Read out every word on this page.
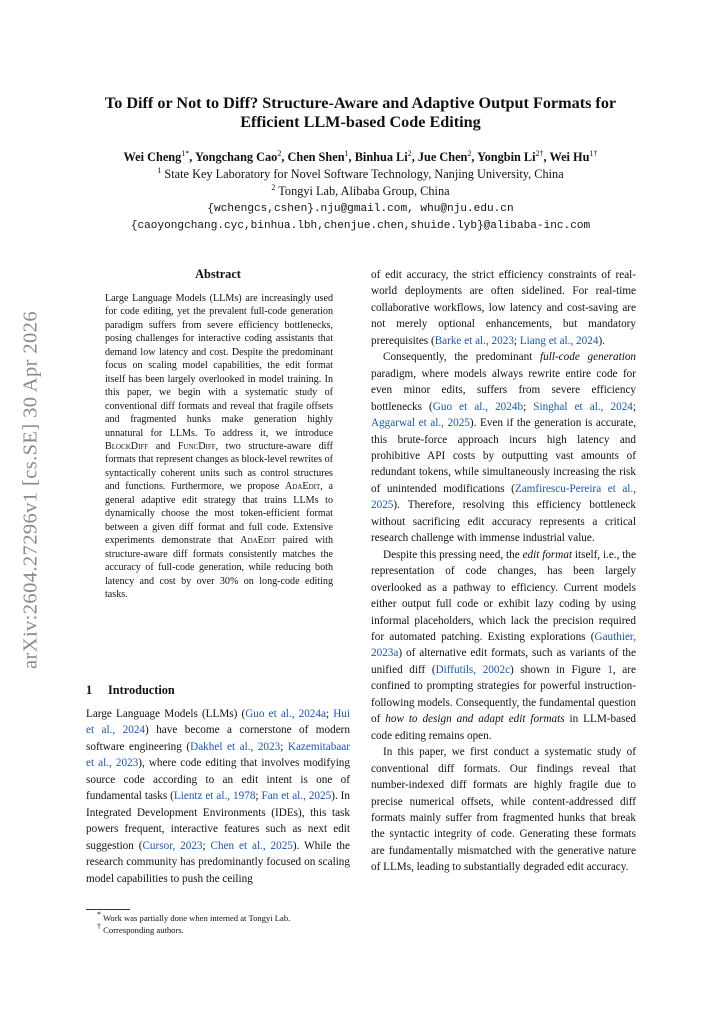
arXiv:2604.27296v1 [cs.SE] 30 Apr 2026
To Diff or Not to Diff? Structure-Aware and Adaptive Output Formats for
Efficient LLM-based Code Editing
Wei Cheng$^{1*}$, Yongchang Cao$^2$, Chen Shen$^1$, Binhua Li$^2$, Jue Chen$^2$, Yongbin $Li^{2\dagger}$, Wei $Hu^{1\dagger}$
$^1$ State Key Laboratory for Novel Software Technology, Nanjing University, China
$^2$ Tongyi Lab, Alibaba Group, China
{wchengcs,cshen}.nju@gmail.com, whu@nju.edu.cn
{caoyongchang.cyc,binhua.lbh,chenjue.chen,shuide.lyb}@alibaba-inc.com
Abstract
Large Language Models (LLMs) are increasingly used for code editing, yet the prevalent full-code generation paradigm suffers from severe efficiency bottlenecks, posing challenges for interactive coding assistants that demand low latency and cost. Despite the predominant focus on scaling model capabilities, the edit format itself has been largely overlooked in model training. In this paper, we begin with a systematic study of conventional diff formats and reveal that fragile offsets and fragmented hunks make generation highly unnatural for LLMs. To address it, we introduce BlockDiff and FuncDiff, two structure-aware diff formats that represent changes as block-level rewrites of syntactically coherent units such as control structures and functions. Furthermore, we propose AdaEdit, a general adaptive edit strategy that trains LLMs to dynamically choose the most token-efficient format between a given diff format and full code. Extensive experiments demonstrate that AdaEdit paired with structure-aware diff formats consistently matches the accuracy of full-code generation, while reducing both latency and cost by over 30% on long-code editing tasks.
1 Introduction

Large Language Models (LLMs) (Guo et al., 2024a; Hui et al., 2024) have become a cornerstone of modern software engineering (Dakhel et al., 2023; Kazemitabaar et al., 2023), where code editing that involves modifying source code according to an edit intent is one of fundamental tasks (Lientz et al., 1978; Fan et al., 2025). In Integrated Development Environments (IDEs), this task powers frequent, interactive features such as next edit suggestion (Cursor, 2023; Chen et al., 2025). While the research community has predominantly focused on scaling model capabilities to push the ceiling

of edit accuracy, the strict efficiency constraints of real-world deployments are often sidelined. For real-time collaborative workflows, low latency and cost-saving are not merely optional enhancements, but mandatory prerequisites (Barke et al., 2023; Liang et al., 2024).

Consequently, the predominant full-code generation paradigm, where models always rewrite entire code for even minor edits, suffers from severe efficiency bottlenecks (Guo et al., 2024b; Singhal et al., 2024; Aggarwal et al., 2025). Even if the generation is accurate, this brute-force approach incurs high latency and prohibitive API costs by outputting vast amounts of redundant tokens, while simultaneously increasing the risk of unintended modifications (Zamfirescu-Pereira et al., 2025). Therefore, resolving this efficiency bottleneck without sacrificing edit accuracy represents a critical research challenge with immense industrial value.

Despite this pressing need, the edit format itself, i.e., the representation of code changes, has been largely overlooked as a pathway to efficiency. Current models either output full code or exhibit lazy coding by using informal placeholders, which lack the precision required for automated patching. Existing explorations (Gauthier, 2023a) of alternative edit formats, such as variants of the unified diff (Diffutils, 2002c) shown in Figure 1, are confined to prompting strategies for powerful instruction-following models. Consequently, the fundamental question of how to design and adapt edit formats in LLM-based code editing remains open.

In this paper, we first conduct a systematic study of conventional diff formats. Our findings reveal that number-indexed diff formats are highly fragile due to precise numerical offsets, while content-addressed diff formats mainly suffer from fragmented hunks that break the syntactic integrity of code. Generating these formats are fundamentally mismatched with the generative nature of LLMs, leading to substantially degraded edit accuracy.

* Work was partially done when interned at Tongyi Lab.
† Corresponding authors.
